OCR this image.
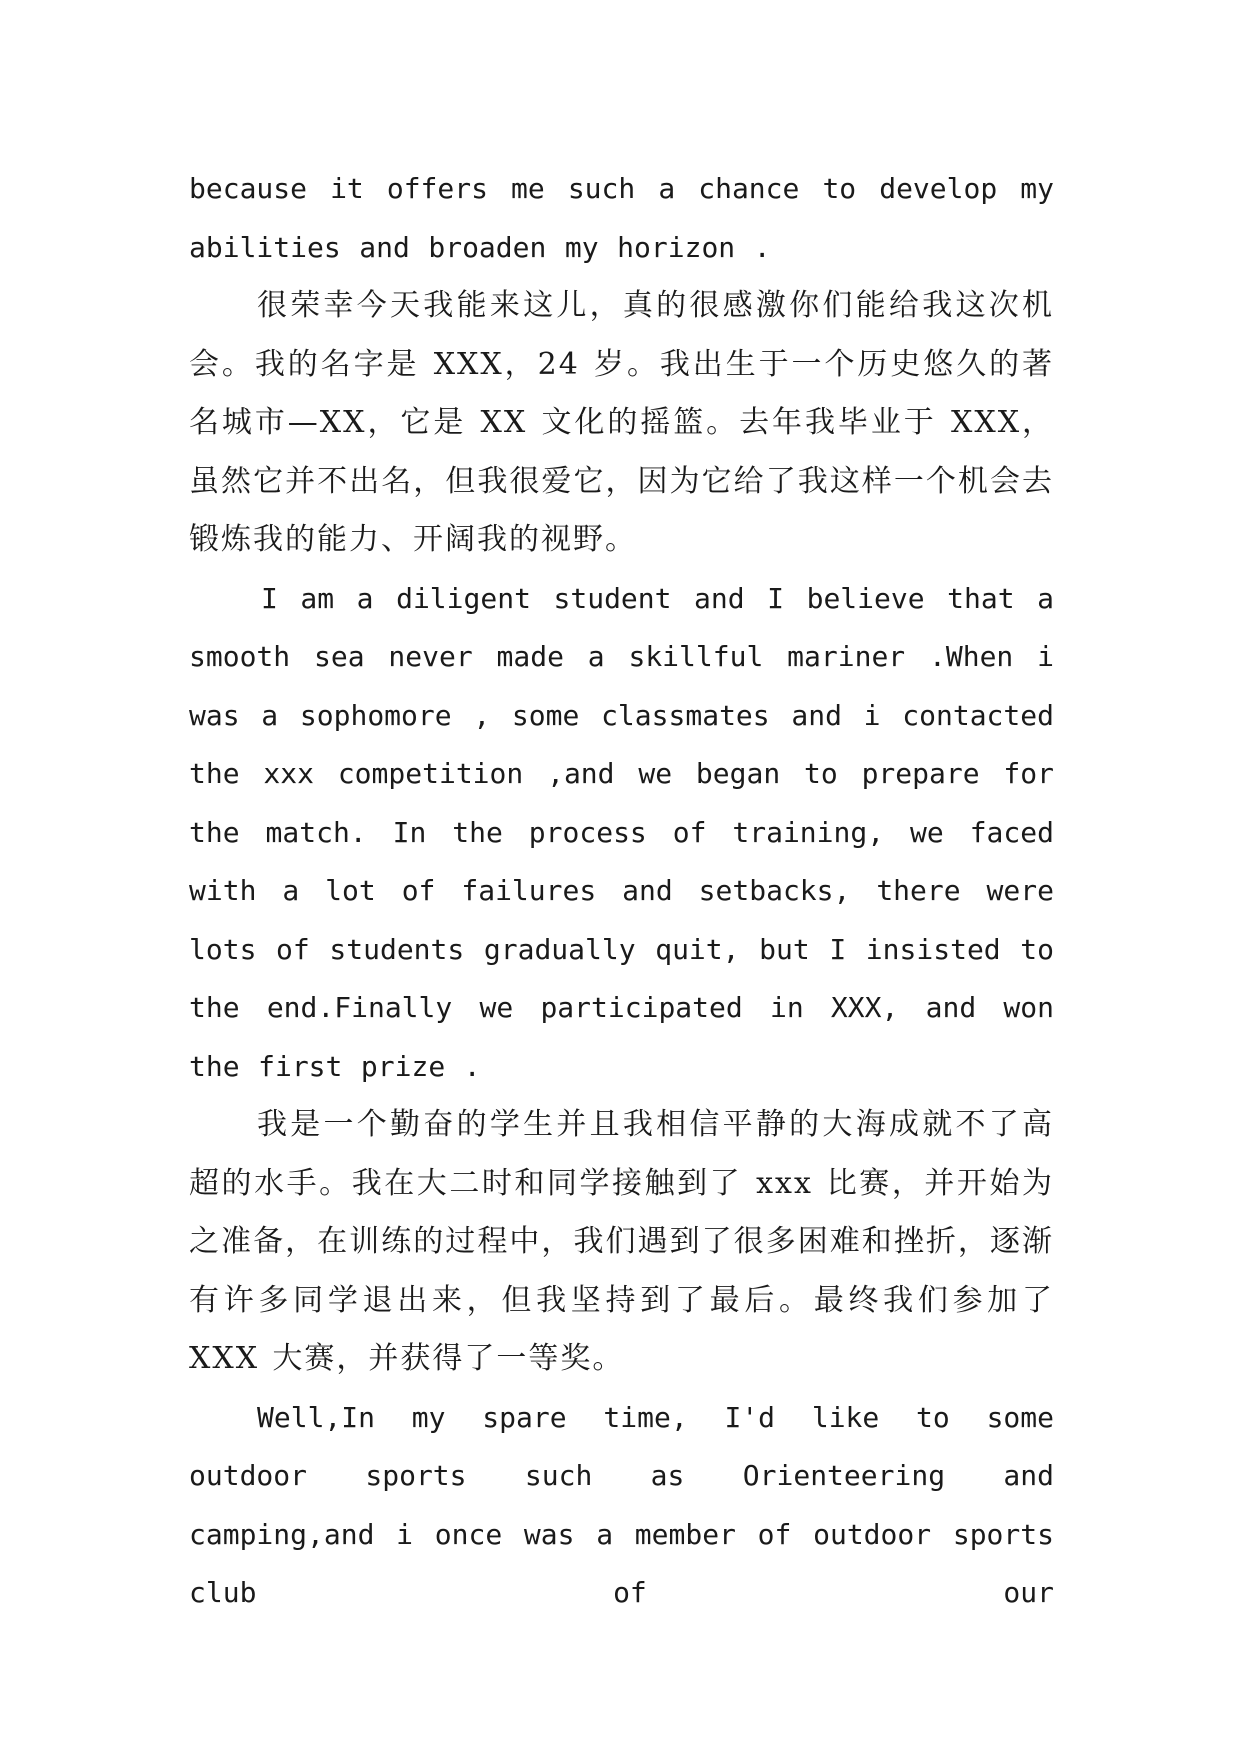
because it offers me such a chance to develop my abilities and broaden my horizon .

很荣幸今天我能来这儿，真的很感激你们能给我这次机会。我的名字是 XXX，24 岁。我出生于一个历史悠久的著名城市—XX，它是 XX 文化的摇篮。去年我毕业于 XXX，虽然它并不出名，但我很爱它，因为它给了我这样一个机会去锻炼我的能力、开阔我的视野。

I am a diligent student and I believe that a smooth sea never made a skillful mariner .When i was a sophomore , some classmates and i contacted the xxx competition ,and we began to prepare for the match. In the process of training, we faced with a lot of failures and setbacks, there were lots of students gradually quit, but I insisted to the end.Finally we participated in XXX, and won the first prize .

我是一个勤奋的学生并且我相信平静的大海成就不了高超的水手。我在大二时和同学接触到了 xxx 比赛，并开始为之准备，在训练的过程中，我们遇到了很多困难和挫折，逐渐有许多同学退出来，但我坚持到了最后。最终我们参加了 XXX 大赛，并获得了一等奖。

Well,In my spare time, I'd like to some outdoor sports such as Orienteering and camping,and i once was a member of outdoor sports club of our
